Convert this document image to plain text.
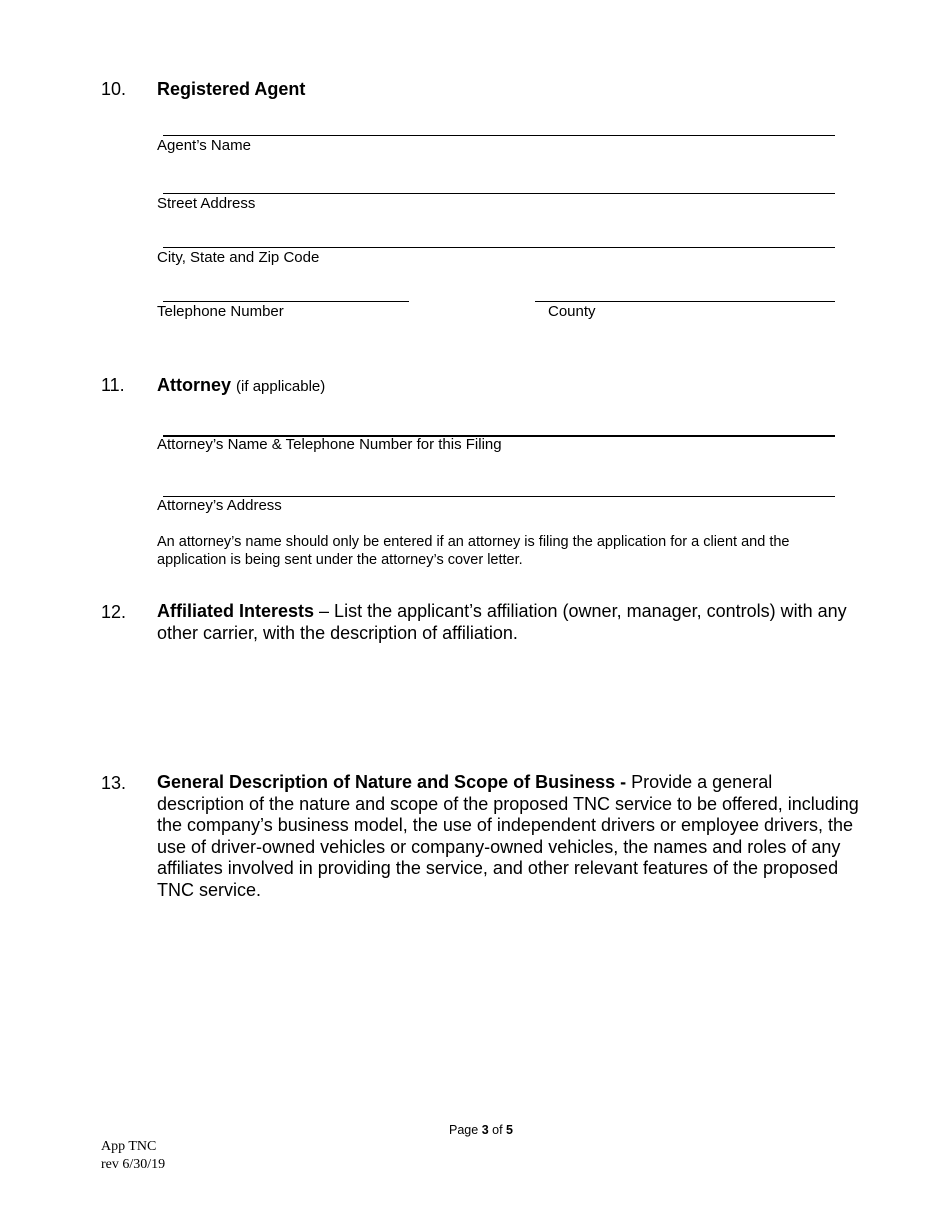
10. Registered Agent
Agent’s Name
Street Address
City, State and Zip Code
Telephone Number	County
11. Attorney (if applicable)
Attorney’s Name & Telephone Number for this Filing
Attorney’s Address
An attorney’s name should only be entered if an attorney is filing the application for a client and the application is being sent under the attorney’s cover letter.
12. Affiliated Interests – List the applicant’s affiliation (owner, manager, controls) with any other carrier, with the description of affiliation.
13. General Description of Nature and Scope of Business - Provide a general description of the nature and scope of the proposed TNC service to be offered, including the company’s business model, the use of independent drivers or employee drivers, the use of driver-owned vehicles or company-owned vehicles, the names and roles of any affiliates involved in providing the service, and other relevant features of the proposed TNC service.
Page 3 of 5
App TNC
rev 6/30/19
